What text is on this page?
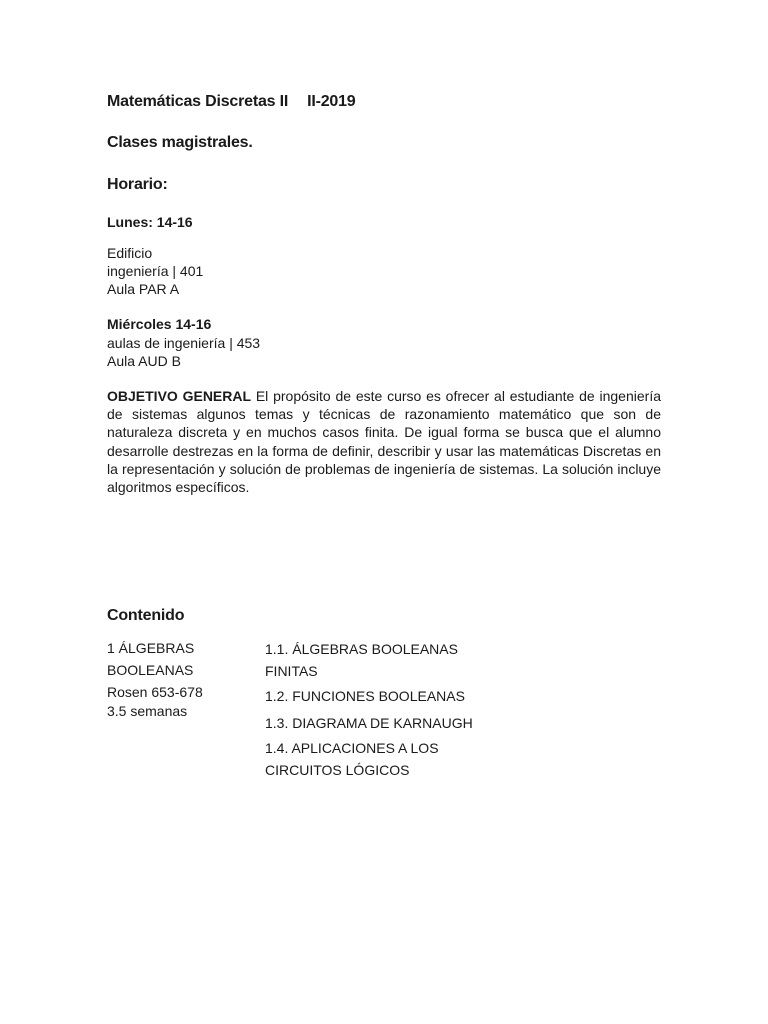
Matemáticas Discretas II II-2019

Clases magistrales.

Horario:

Lunes: 14-16

Edificio
ingeniería | 401
Aula PAR A

Miércoles 14-16

aulas de ingeniería | 453
Aula AUD B

OBJETIVO GENERAL El propósito de este curso es ofrecer al estudiante de ingeniería de sistemas algunos temas y técnicas de razonamiento matemático que son de naturaleza discreta y en muchos casos finita. De igual forma se busca que el alumno desarrolle destrezas en la forma de definir, describir y usar las matemáticas Discretas en la representación y solución de problemas de ingeniería de sistemas. La solución incluye algoritmos específicos.

Contenido

1 ÁLGEBRAS
BOOLEANAS
Rosen 653-678
3.5 semanas
1.1. ÁLGEBRAS BOOLEANAS
FINITAS
1.2. FUNCIONES BOOLEANAS
1.3. DIAGRAMA DE KARNAUGH
1.4. APLICACIONES A LOS
CIRCUITOS LÓGICOS
